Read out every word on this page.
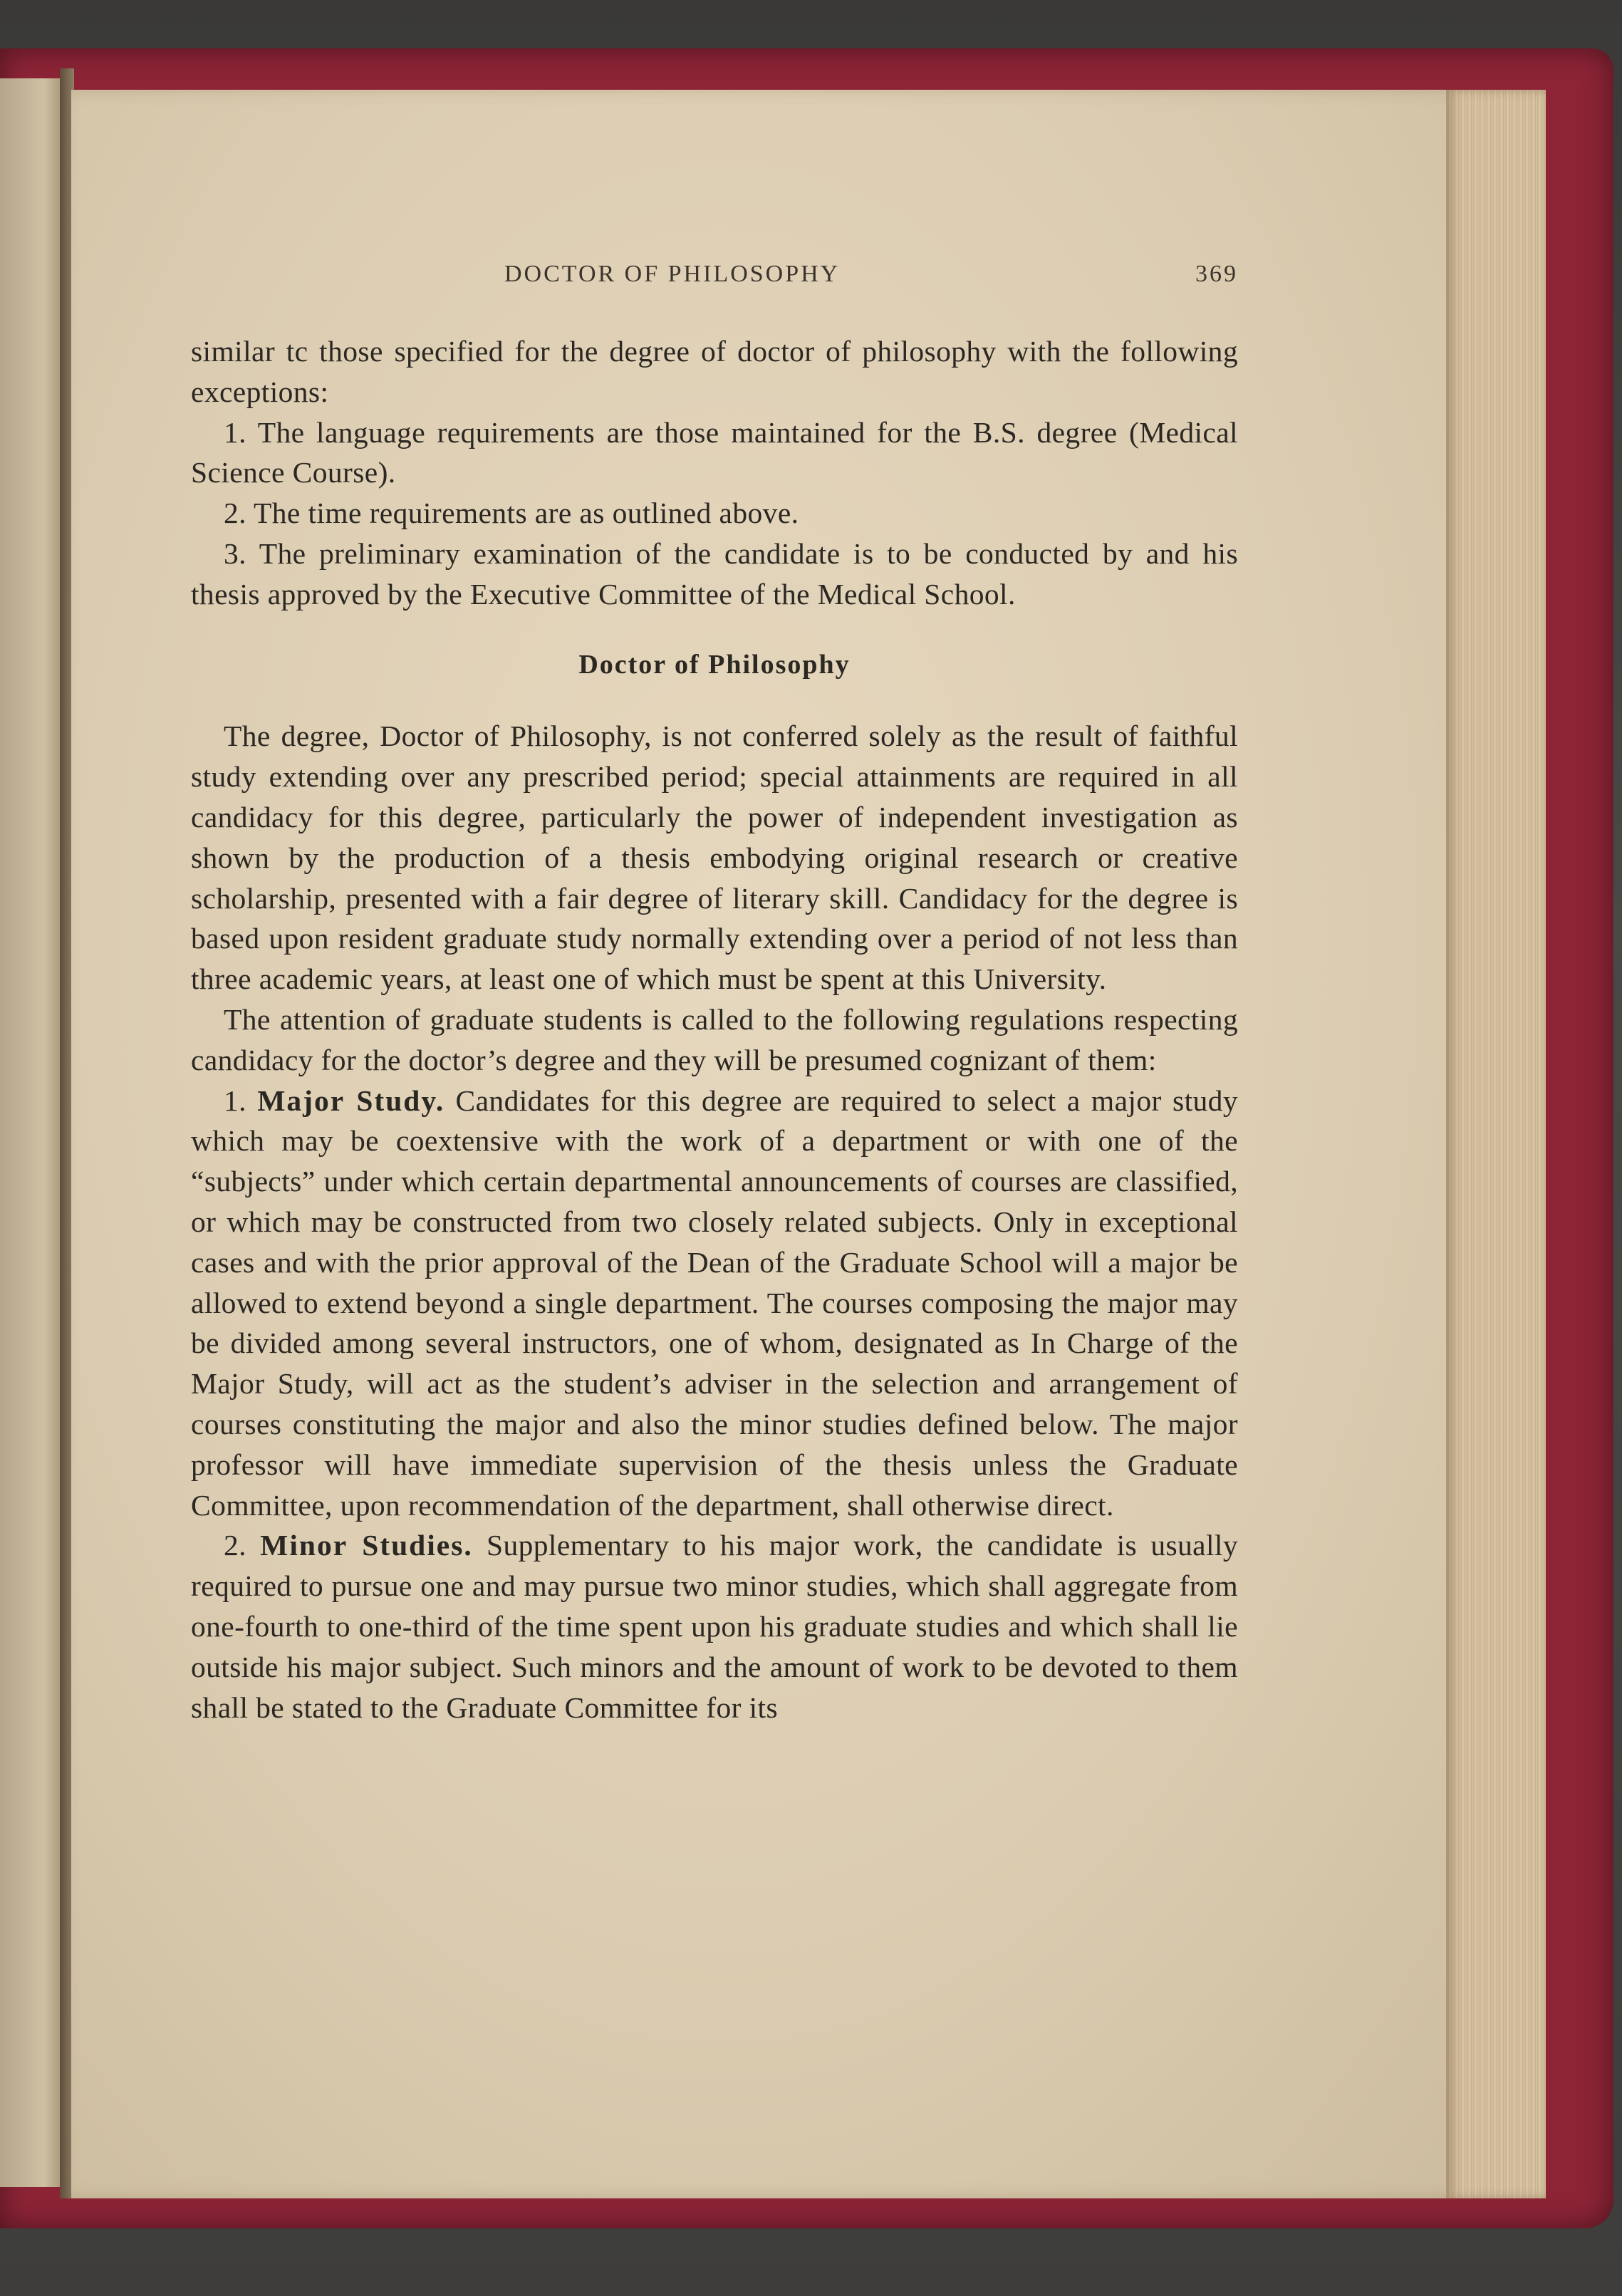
DOCTOR OF PHILOSOPHY	369

similar tc those specified for the degree of doctor of philosophy with the following exceptions:

1. The language requirements are those maintained for the B.S. degree (Medical Science Course).

2. The time requirements are as outlined above.

3. The preliminary examination of the candidate is to be conducted by and his thesis approved by the Executive Committee of the Medical School.

Doctor of Philosophy

The degree, Doctor of Philosophy, is not conferred solely as the result of faithful study extending over any prescribed period; special attainments are required in all candidacy for this degree, particularly the power of independent investigation as shown by the production of a thesis embodying original research or creative scholarship, presented with a fair degree of literary skill. Candidacy for the degree is based upon resident graduate study normally extending over a period of not less than three academic years, at least one of which must be spent at this University.

The attention of graduate students is called to the following regulations respecting candidacy for the doctor’s degree and they will be presumed cognizant of them:

1. Major Study. Candidates for this degree are required to select a major study which may be coextensive with the work of a department or with one of the “subjects” under which certain departmental announcements of courses are classified, or which may be constructed from two closely related subjects. Only in exceptional cases and with the prior approval of the Dean of the Graduate School will a major be allowed to extend beyond a single department. The courses composing the major may be divided among several instructors, one of whom, designated as In Charge of the Major Study, will act as the student’s adviser in the selection and arrangement of courses constituting the major and also the minor studies defined below. The major professor will have immediate supervision of the thesis unless the Graduate Committee, upon recommendation of the department, shall otherwise direct.

2. Minor Studies. Supplementary to his major work, the candidate is usually required to pursue one and may pursue two minor studies, which shall aggregate from one-fourth to one-third of the time spent upon his graduate studies and which shall lie outside his major subject. Such minors and the amount of work to be devoted to them shall be stated to the Graduate Committee for its
